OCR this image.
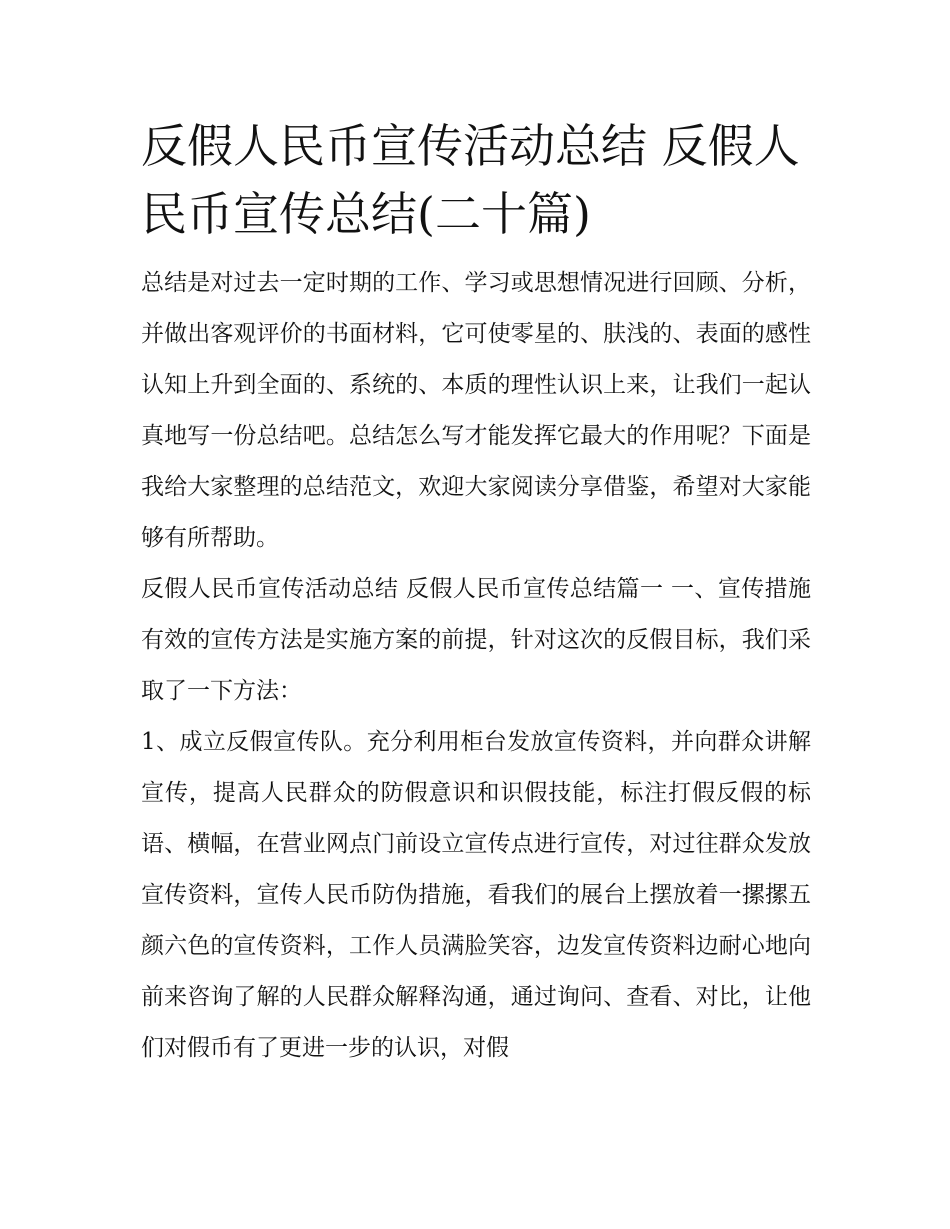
反假人民币宣传活动总结 反假人民币宣传总结(二十篇)

总结是对过去一定时期的工作、学习或思想情况进行回顾、分析，并做出客观评价的书面材料，它可使零星的、肤浅的、表面的感性认知上升到全面的、系统的、本质的理性认识上来，让我们一起认真地写一份总结吧。总结怎么写才能发挥它最大的作用呢？下面是我给大家整理的总结范文，欢迎大家阅读分享借鉴，希望对大家能够有所帮助。

反假人民币宣传活动总结 反假人民币宣传总结篇一 一、宣传措施 有效的宣传方法是实施方案的前提，针对这次的反假目标，我们采取了一下方法：

1、成立反假宣传队。充分利用柜台发放宣传资料，并向群众讲解宣传，提高人民群众的防假意识和识假技能，标注打假反假的标语、横幅，在营业网点门前设立宣传点进行宣传，对过往群众发放宣传资料，宣传人民币防伪措施，看我们的展台上摆放着一摞摞五颜六色的宣传资料，工作人员满脸笑容，边发宣传资料边耐心地向前来咨询了解的人民群众解释沟通，通过询问、查看、对比，让他们对假币有了更进一步的认识，对假
